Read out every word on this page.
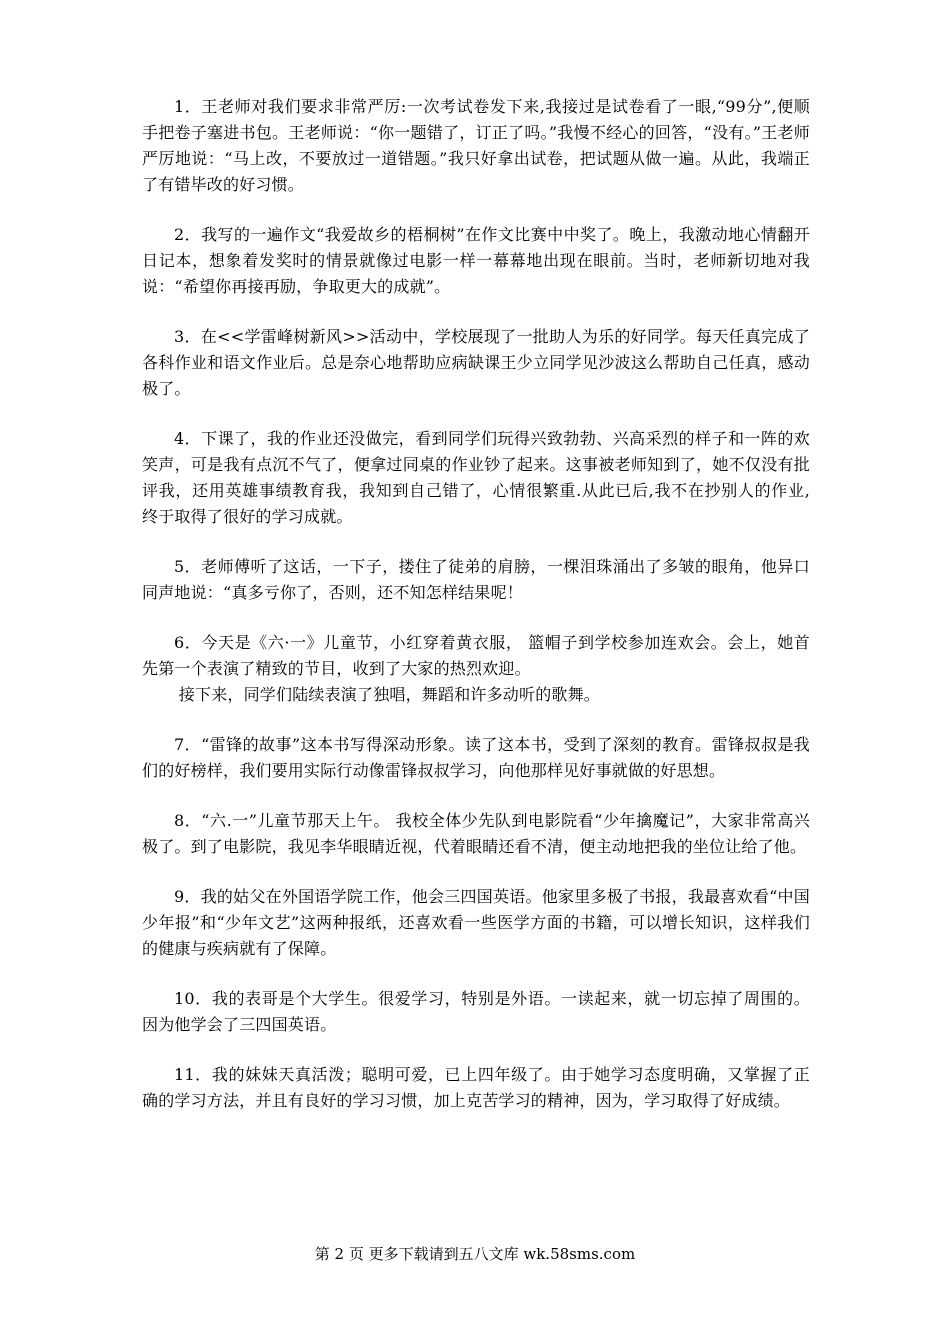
1．王老师对我们要求非常严厉:一次考试卷发下来,我接过是试卷看了一眼,“99分”,便顺手把卷子塞进书包。王老师说：“你一题错了，订正了吗。”我慢不经心的回答，“没有。”王老师严厉地说：“马上改，不要放过一道错题。”我只好拿出试卷，把试题从做一遍。从此，我端正了有错毕改的好习惯。

2．我写的一遍作文“我爱故乡的梧桐树”在作文比赛中中奖了。晚上，我激动地心情翻开日记本，想象着发奖时的情景就像过电影一样一幕幕地出现在眼前。当时，老师新切地对我说：“希望你再接再励，争取更大的成就”。

3．在<<学雷峰树新风>>活动中，学校展现了一批助人为乐的好同学。每天任真完成了各科作业和语文作业后。总是奈心地帮助应病缺课王少立同学见沙波这么帮助自己任真，感动极了。

4．下课了，我的作业还没做完，看到同学们玩得兴致勃勃、兴高采烈的样子和一阵的欢笑声，可是我有点沉不气了，便拿过同桌的作业钞了起来。这事被老师知到了，她不仅没有批评我，还用英雄事绩教育我，我知到自己错了，心情很繁重.从此已后,我不在抄别人的作业, 终于取得了很好的学习成就。

5．老师傅听了这话，一下子，搂住了徒弟的肩膀，一棵泪珠涌出了多皱的眼角，他异口同声地说：“真多亏你了，否则，还不知怎样结果呢！

6．今天是《六·一》儿童节，小红穿着黄衣服， 篮帽子到学校参加连欢会。会上，她首先第一个表演了精致的节目，收到了大家的热烈欢迎。

接下来，同学们陆续表演了独唱，舞蹈和许多动听的歌舞。

7．“雷锋的故事”这本书写得深动形象。读了这本书，受到了深刻的教育。雷锋叔叔是我们的好榜样，我们要用实际行动像雷锋叔叔学习，向他那样见好事就做的好思想。

8．“六.一”儿童节那天上午。 我校全体少先队到电影院看“少年擒魔记”，大家非常高兴极了。到了电影院，我见李华眼睛近视，代着眼睛还看不清，便主动地把我的坐位让给了他。

9．我的姑父在外国语学院工作，他会三四国英语。他家里多极了书报，我最喜欢看“中国少年报”和“少年文艺”这两种报纸，还喜欢看一些医学方面的书籍，可以增长知识，这样我们的健康与疾病就有了保障。

10．我的表哥是个大学生。很爱学习，特别是外语。一读起来，就一切忘掉了周围的。因为他学会了三四国英语。

11．我的妹妹天真活泼；聪明可爱，已上四年级了。由于她学习态度明确，又掌握了正确的学习方法，并且有良好的学习习惯，加上克苦学习的精神，因为，学习取得了好成绩。

第 2 页 更多下载请到五八文库 wk.58sms.com
